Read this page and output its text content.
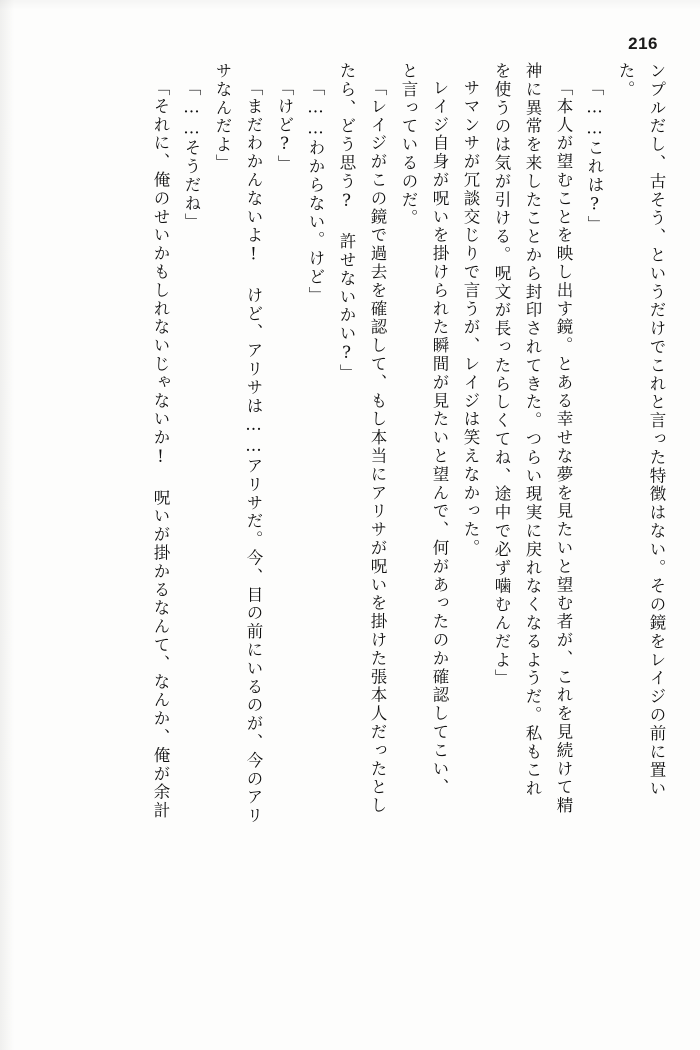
216
ンプルだし、古そう、というだけでこれと言った特徴はない。その鏡をレイジの前に置い
た。
「……これは?」
「本人が望むことを映し出す鏡。とある幸せな夢を見たいと望む者が、これを見続けて精
神に異常を来したことから封印されてきた。つらい現実に戻れなくなるようだ。私もこれ
を使うのは気が引ける。呪文が長ったらしくてね、途中で必ず噛むんだよ」
サマンサが冗談交じりで言うが、レイジは笑えなかった。
レイジ自身が呪いを掛けられた瞬間が見たいと望んで、何があったのか確認してこい、
と言っているのだ。
「レイジがこの鏡で過去を確認して、もし本当にアリサが呪いを掛けた張本人だったとし
たら、どう思う? 許せないかい?」
「……わからない。けど」
「けど?」
「まだわかんないよ! けど、アリサは……アリサだ。今、目の前にいるのが、今のアリ
サなんだよ」
「……そうだね」
「それに、俺のせいかもしれないじゃないか! 呪いが掛かるなんて、なんか、俺が余計
